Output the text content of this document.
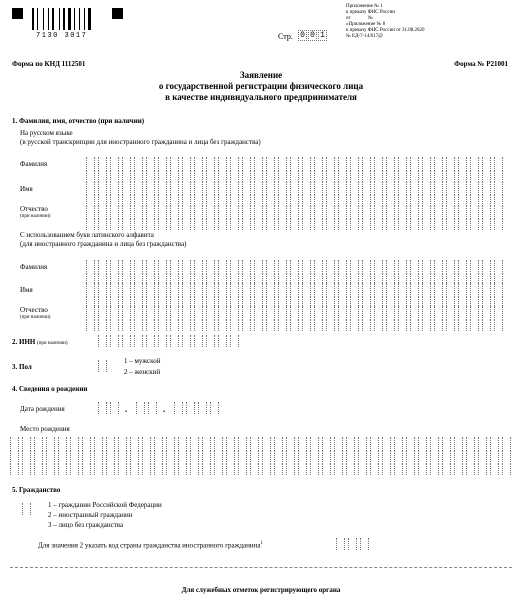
7130 3017	Стр. 0 0 1
Приложение № 1
к приказу ФНС России
от              №
«Приложение № 8
к приказу ФНС России от 31.08.2020
№ ЕД-7-14/617@
Форма по КНД 1112501	Форма № Р21001
Заявление
о государственной регистрации физического лица
в качестве индивидуального предпринимателя
1. Фамилия, имя, отчество (при наличии)
На русском языке
(в русской транскрипции для иностранного гражданина и лица без гражданства)
Фамилия
Имя
Отчество
(при наличии)
С использованием букв латинского алфавита
(для иностранного гражданина и лица без гражданства)
Фамилия
Имя
Отчество
(при наличии)
2. ИНН (при наличии)
3. Пол
1 – мужской
2 – женский
4. Сведения о рождении
Дата рождения	.	.
Место рождения
5. Гражданство
1 – гражданин Российской Федерации
2 – иностранный гражданин
3 – лицо без гражданства
Для значения 2 указать код страны гражданства иностранного гражданина$^1$
Для служебных отметок регистрирующего органа
